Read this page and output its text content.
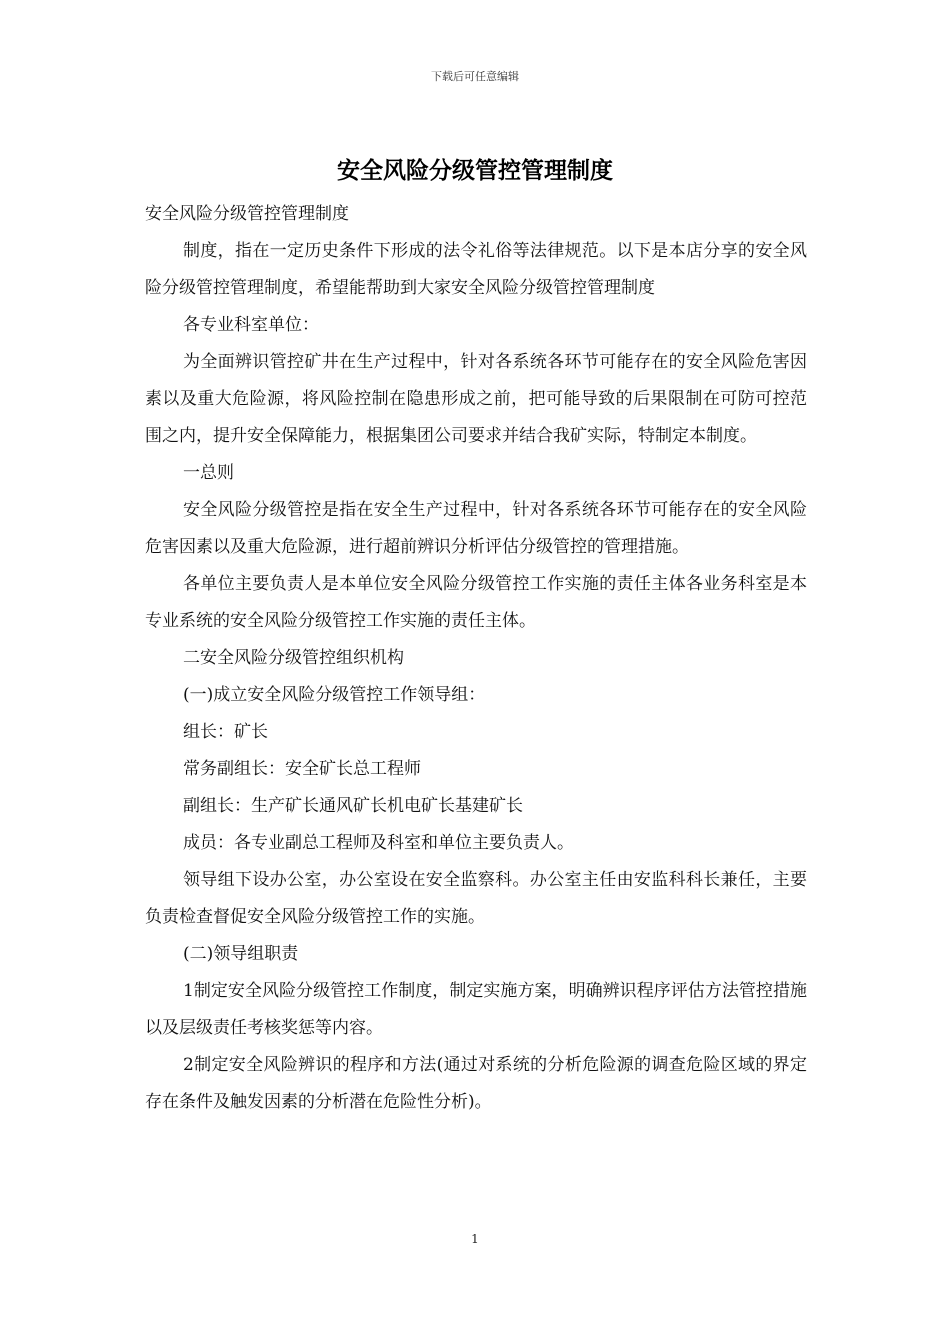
下载后可任意编辑
安全风险分级管控管理制度

安全风险分级管控管理制度

制度，指在一定历史条件下形成的法令礼俗等法律规范。以下是本店分享的安全风险分级管控管理制度，希望能帮助到大家安全风险分级管控管理制度

各专业科室单位：

为全面辨识管控矿井在生产过程中，针对各系统各环节可能存在的安全风险危害因素以及重大危险源，将风险控制在隐患形成之前，把可能导致的后果限制在可防可控范围之内，提升安全保障能力，根据集团公司要求并结合我矿实际，特制定本制度。

一总则

安全风险分级管控是指在安全生产过程中，针对各系统各环节可能存在的安全风险危害因素以及重大危险源，进行超前辨识分析评估分级管控的管理措施。

各单位主要负责人是本单位安全风险分级管控工作实施的责任主体各业务科室是本专业系统的安全风险分级管控工作实施的责任主体。

二安全风险分级管控组织机构

(一)成立安全风险分级管控工作领导组：

组长：矿长

常务副组长：安全矿长总工程师

副组长：生产矿长通风矿长机电矿长基建矿长

成员：各专业副总工程师及科室和单位主要负责人。

领导组下设办公室，办公室设在安全监察科。办公室主任由安监科科长兼任，主要负责检查督促安全风险分级管控工作的实施。

(二)领导组职责

1制定安全风险分级管控工作制度，制定实施方案，明确辨识程序评估方法管控措施以及层级责任考核奖惩等内容。

2制定安全风险辨识的程序和方法(通过对系统的分析危险源的调查危险区域的界定存在条件及触发因素的分析潜在危险性分析)。

1
